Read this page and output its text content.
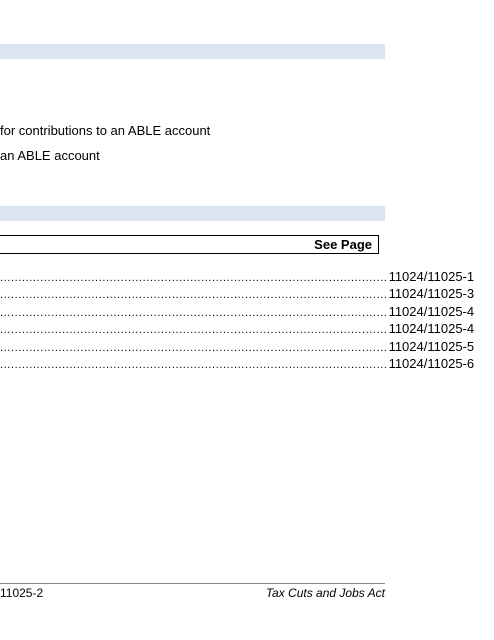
for contributions to an ABLE account
an ABLE account
See Page
.......................................................................................................... 11024/11025-1
.......................................................................................................... 11024/11025-3
.......................................................................................................... 11024/11025-4
.......................................................................................................... 11024/11025-4
.......................................................................................................... 11024/11025-5
.......................................................................................................... 11024/11025-6
11025-2	Tax Cuts and Jobs Act
